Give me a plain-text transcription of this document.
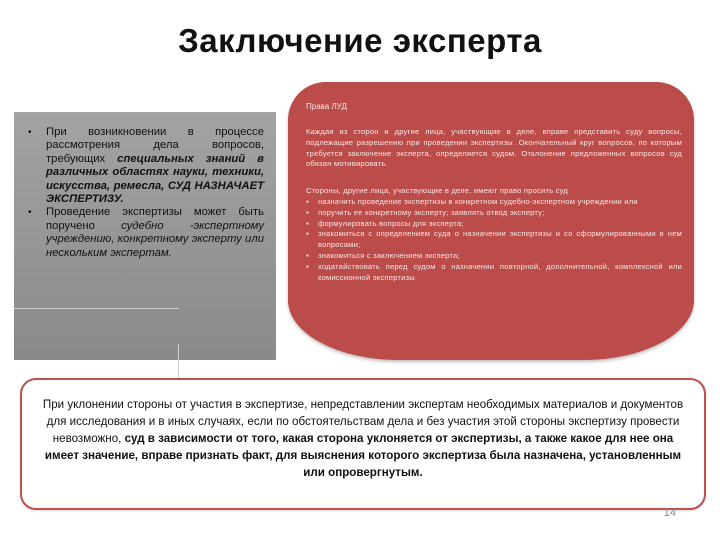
Заключение эксперта
• При возникновении в процессе рассмотрения дела вопросов, требующих специальных знаний в различных областях науки, техники, искусства, ремесла, СУД НАЗНАЧАЕТ ЭКСПЕРТИЗУ.
• Проведение экспертизы может быть поручено судебно -экспертному учреждению, конкретному эксперту или нескольким экспертам.
Права ЛУД
Каждая из сторон и другие лица, участвующие в деле, вправе представить суду вопросы, подлежащие разрешению при проведении экспертизы. Окончательный круг вопросов, по которым требуется заключение эксперта, определяется судом. Отклонение предложенных вопросов суд обязан мотивировать.
Стороны, другие лица, участвующие в деле, имеют право просить суд
▪ назначить проведение экспертизы в конкретном судебно-экспертном учреждении или
▪ поручить ее конкретному эксперту; заявлять отвод эксперту;
▪ формулировать вопросы для эксперта;
▪ знакомиться с определением суда о назначении экспертизы и со сформулированными в нем вопросами;
▪ знакомиться с заключением эксперта;
▪ ходатайствовать перед судом о назначении повторной, дополнительной, комплексной или комиссионной экспертизы.
При уклонении стороны от участия в экспертизе, непредставлении экспертам необходимых материалов и документов для исследования и в иных случаях, если по обстоятельствам дела и без участия этой стороны экспертизу провести невозможно, суд в зависимости от того, какая сторона уклоняется от экспертизы, а также какое для нее она имеет значение, вправе признать факт, для выяснения которого экспертиза была назначена, установленным или опровергнутым.
14
